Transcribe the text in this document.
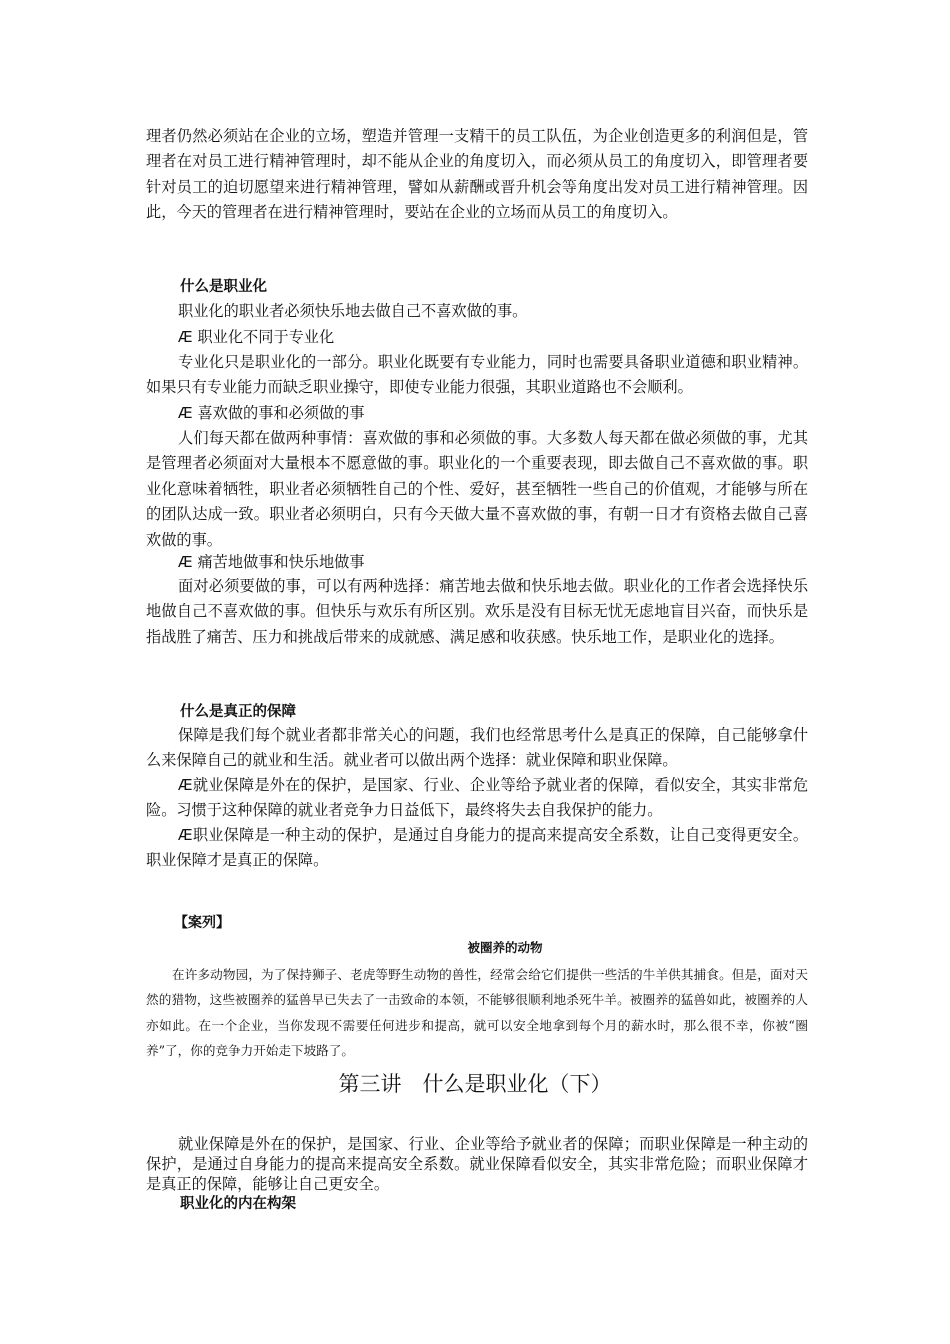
理者仍然必须站在企业的立场，塑造并管理一支精干的员工队伍，为企业创造更多的利润但是，管理者在对员工进行精神管理时，却不能从企业的角度切入，而必须从员工的角度切入，即管理者要针对员工的迫切愿望来进行精神管理，譬如从薪酬或晋升机会等角度出发对员工进行精神管理。因此，今天的管理者在进行精神管理时，要站在企业的立场而从员工的角度切入。

什么是职业化

职业化的职业者必须快乐地去做自己不喜欢做的事。

Æ 职业化不同于专业化

专业化只是职业化的一部分。职业化既要有专业能力，同时也需要具备职业道德和职业精神。如果只有专业能力而缺乏职业操守，即使专业能力很强，其职业道路也不会顺利。

Æ 喜欢做的事和必须做的事

人们每天都在做两种事情：喜欢做的事和必须做的事。大多数人每天都在做必须做的事，尤其是管理者必须面对大量根本不愿意做的事。职业化的一个重要表现，即去做自己不喜欢做的事。职业化意味着牺牲，职业者必须牺牲自己的个性、爱好，甚至牺牲一些自己的价值观，才能够与所在的团队达成一致。职业者必须明白，只有今天做大量不喜欢做的事，有朝一日才有资格去做自己喜欢做的事。

Æ 痛苦地做事和快乐地做事

面对必须要做的事，可以有两种选择：痛苦地去做和快乐地去做。职业化的工作者会选择快乐地做自己不喜欢做的事。但快乐与欢乐有所区别。欢乐是没有目标无忧无虑地盲目兴奋，而快乐是指战胜了痛苦、压力和挑战后带来的成就感、满足感和收获感。快乐地工作，是职业化的选择。

什么是真正的保障

保障是我们每个就业者都非常关心的问题，我们也经常思考什么是真正的保障，自己能够拿什么来保障自己的就业和生活。就业者可以做出两个选择：就业保障和职业保障。

Æ就业保障是外在的保护，是国家、行业、企业等给予就业者的保障，看似安全，其实非常危险。习惯于这种保障的就业者竞争力日益低下，最终将失去自我保护的能力。

Æ职业保障是一种主动的保护，是通过自身能力的提高来提高安全系数，让自己变得更安全。职业保障才是真正的保障。

【案列】

被圈养的动物

在许多动物园，为了保持狮子、老虎等野生动物的兽性，经常会给它们提供一些活的牛羊供其捕食。但是，面对天然的猎物，这些被圈养的猛兽早已失去了一击致命的本领，不能够很顺利地杀死牛羊。被圈养的猛兽如此，被圈养的人亦如此。在一个企业，当你发现不需要任何进步和提高，就可以安全地拿到每个月的薪水时，那么很不幸，你被“圈养”了，你的竞争力开始走下坡路了。

第三讲　什么是职业化（下）

就业保障是外在的保护，是国家、行业、企业等给予就业者的保障；而职业保障是一种主动的保护，是通过自身能力的提高来提高安全系数。就业保障看似安全，其实非常危险；而职业保障才是真正的保障，能够让自己更安全。

职业化的内在构架
